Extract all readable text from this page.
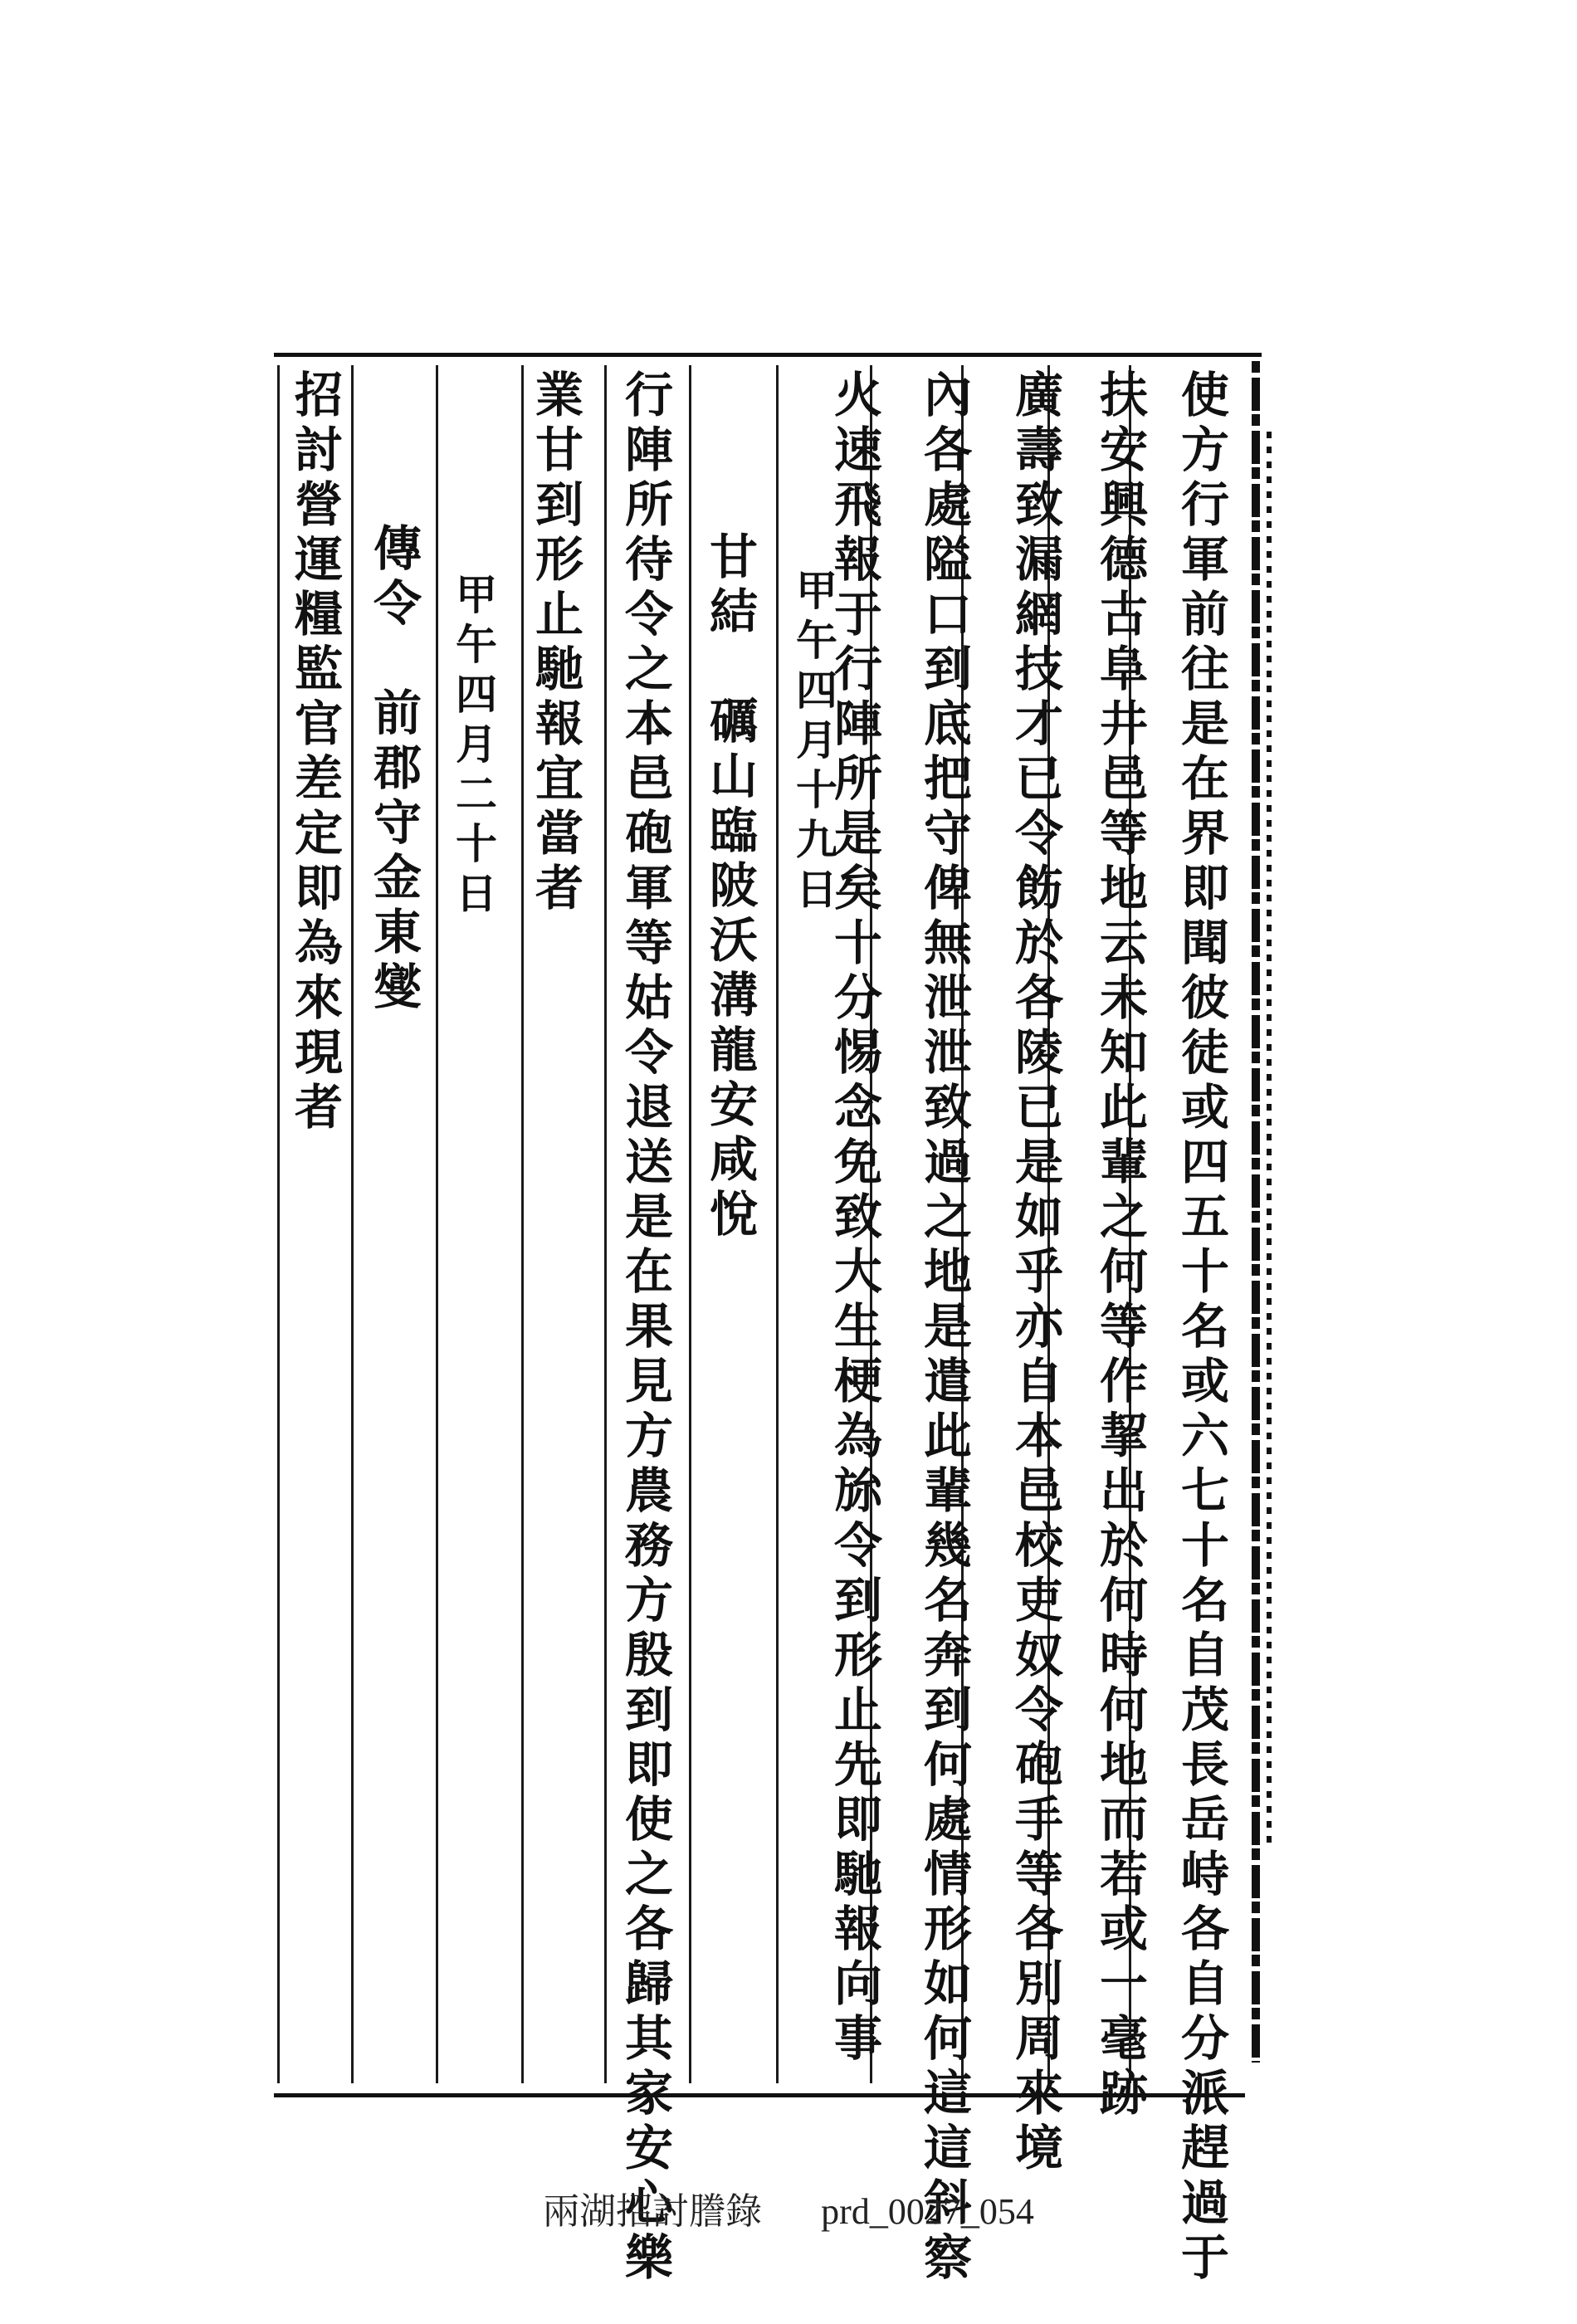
使方行軍前往是在界即聞彼徒或四五十名或六七十名自茂長岳峙各自分派趕過于
扶安興德古阜井邑等地云未知此輩之何等作挈出於何時何地而若或一毫跡
廣壽致漏網技才已令飭於各陵已是如乎亦自本邑校吏奴令砲手等各別周來境
內各處隘口到底把守俾無泄泄致過之地是遣此輩幾名奔到何處情形如何這這斜察
火速飛報于行陣所是矣十分惕念免致大生梗為旀令到形止先即馳報向事
甲午四月十九日
甘結　礪山臨陂沃溝龍安咸悅
行陣所待令之本邑砲軍等姑令退送是在果見方農務方殷到即使之各歸其家安心樂
業甘到形止馳報宜當者
甲午四月二十日
傳令　前郡守金東燮
招討營運糧監官差定即為來現者
兩湖招討謄錄 prd_0027_054
